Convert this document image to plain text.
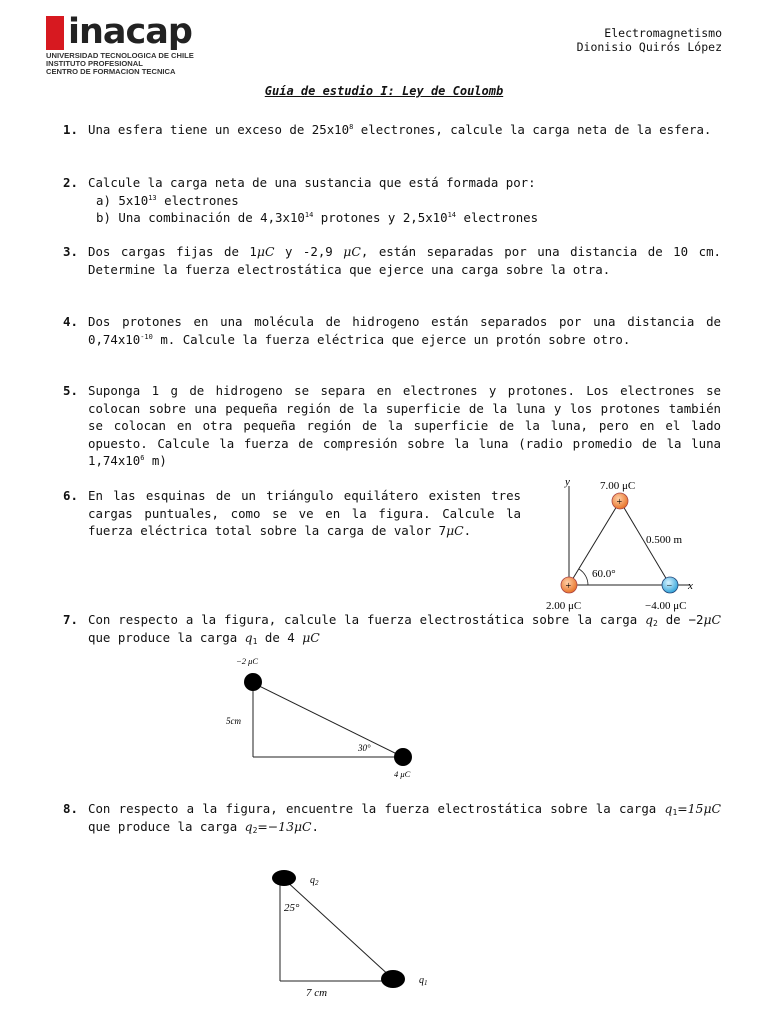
inacap
UNIVERSIDAD TECNOLOGICA DE CHILE
INSTITUTO PROFESIONAL
CENTRO DE FORMACION TECNICA
Electromagnetismo
Dionisio Quirós López
Guía de estudio I: Ley de Coulomb
1. Una esfera tiene un exceso de $25x10^8$ electrones, calcule la carga neta de la esfera.
2. Calcule la carga neta de una sustancia que está formada por:
a) $5x10^{13}$ electrones
b) Una combinación de $4,3x10^{14}$ protones y $2,5x10^{14}$ electrones
3. Dos cargas fijas de 1μC y -2,9 μC, están separadas por una distancia de 10 cm. Determine la fuerza electrostática que ejerce una carga sobre la otra.
4. Dos protones en una molécula de hidrogeno están separados por una distancia de $0,74x10^{-10}$ m. Calcule la fuerza eléctrica que ejerce un protón sobre otro.
5. Suponga 1 g de hidrogeno se separa en electrones y protones. Los electrones se colocan sobre una pequeña región de la superficie de la luna y los protones también se colocan en otra pequeña región de la superficie de la luna, pero en el lado opuesto. Calcule la fuerza de compresión sobre la luna (radio promedio de la luna $1,74x10^6$ m)
6. En las esquinas de un triángulo equilátero existen tres cargas puntuales, como se ve en la figura. Calcule la fuerza eléctrica total sobre la carga de valor 7μC.
y
x
7.00 μC
0.500 m
60.0°
2.00 μC	−4.00 μC
+
+	−
7. Con respecto a la figura, calcule la fuerza electrostática sobre la carga q2 de −2μC que produce la carga q1 de 4 μC
−2 μC
5cm
30°
4 μC
8. Con respecto a la figura, encuentre la fuerza electrostática sobre la carga q1=15μC que produce la carga q2=−13μC.
$q_2$
25°
7 cm
$q_1$
